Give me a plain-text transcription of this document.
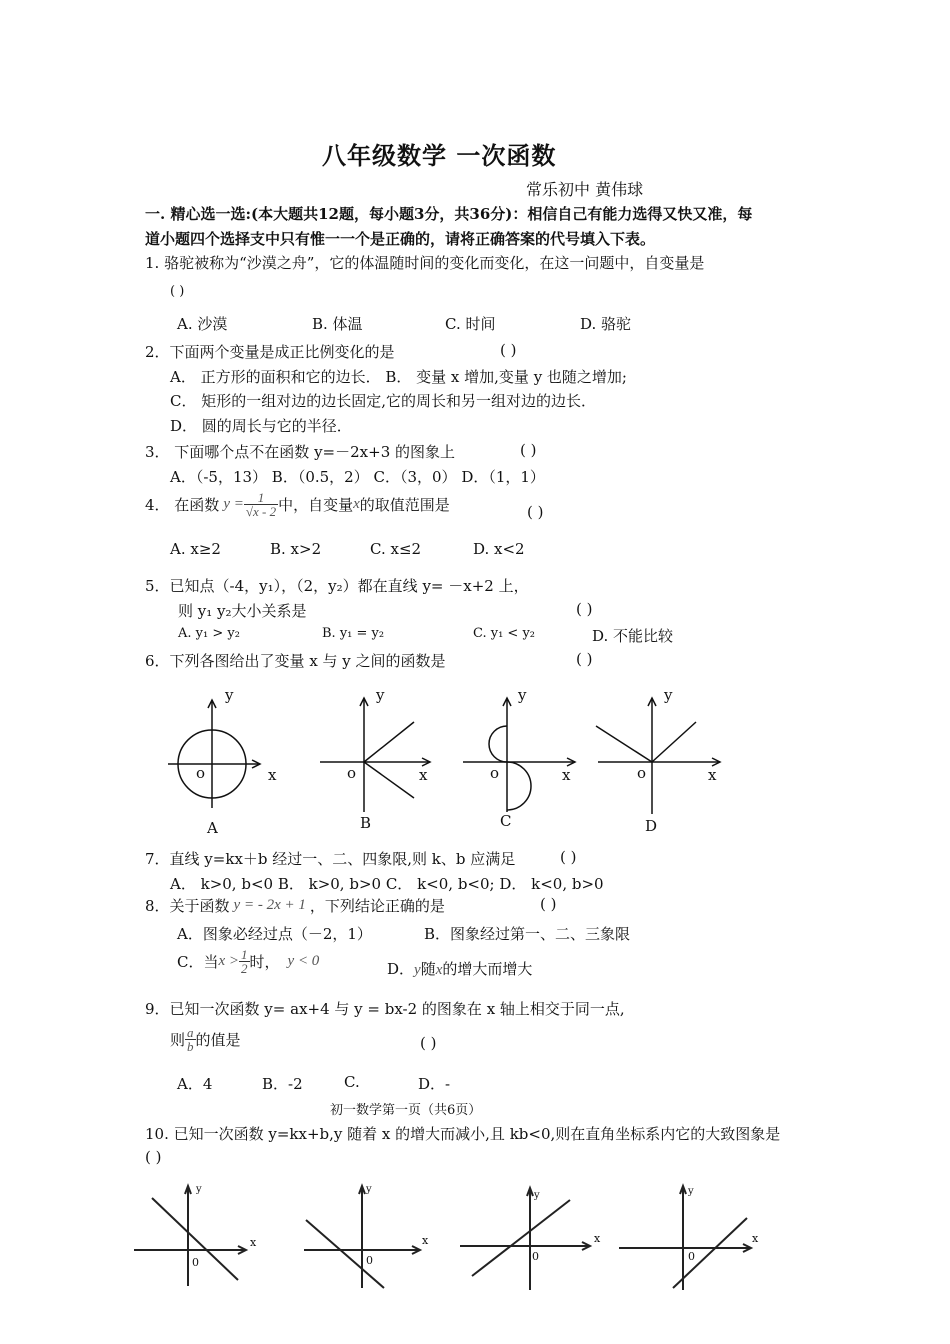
八年级数学 一次函数
常乐初中 黄伟球
一. 精心选一选:(本大题共12题，每小题3分，共36分)：相信自己有能力选得又快又准，每
道小题四个选择支中只有惟一一个是正确的，请将正确答案的代号填入下表。
1. 骆驼被称为“沙漠之舟”，它的体温随时间的变化而变化，在这一问题中，自变量是
( )
A. 沙漠	B. 体温	C. 时间	D. 骆驼
2．下面两个变量是成正比例变化的是	( )
A． 正方形的面积和它的边长． B． 变量 x 增加,变量 y 也随之增加;
C． 矩形的一组对边的边长固定,它的周长和另一组对边的边长．
D． 圆的周长与它的半径．
3． 下面哪个点不在函数 y=－2x+3 的图象上	( )
A．（-5，13） B．（0.5，2） C．（3，0） D．（1，1）
4． 在函数 $y = \frac{1}{√x - 2}$ 中，自变量 x 的取值范围是	( )
A. x≥2	B. x>2	C. x≤2	D. x<2
5．已知点（-4，y₁），（2，y₂）都在直线 y= －x+2 上，
则 y₁ y₂大小关系是	( )
A. y₁ > y₂	B. y₁ = y₂	C. y₁ < y₂	D. 不能比较
6．下列各图给出了变量 x 与 y 之间的函数是	( )
y
x
o
A
y
x
o
B
y
x
o
C
y
x
o
D
7．直线 y=kx＋b 经过一、二、四象限,则 k、b 应满足	( )
A． k>0, b<0 B． k>0, b>0 C． k<0, b<0; D． k<0, b>0
8．关于函数 y = - 2x + 1 ，下列结论正确的是	( )
A．图象必经过点（－2，1）	B．图象经过第一、二、三象限
C．当 $x > \frac{1}{2}$ 时， y < 0	D．y随x的增大而增大
9．已知一次函数 y= ax+4 与 y = bx-2 的图象在 x 轴上相交于同一点,
则 $\frac{a}{b}$ 的值是	( )
A．4	B．-2	C.	D．-
初一数学第一页（共6页）
10. 已知一次函数 y=kx+b,y 随着 x 的增大而减小,且 kb<0,则在直角坐标系内它的大致图象是
( )
y
x
0
y
x
0
y
x
0
y
x
0
